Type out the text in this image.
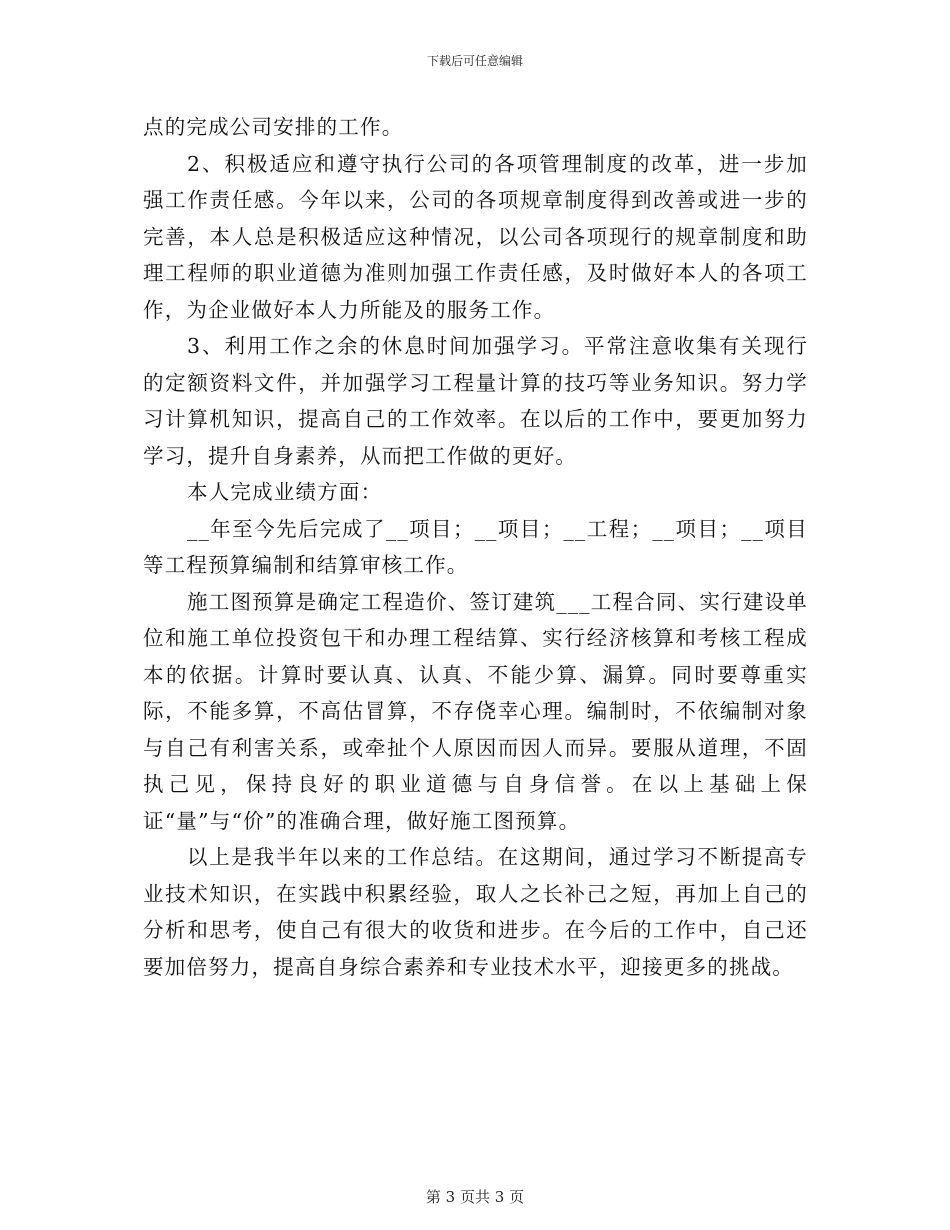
下载后可任意编辑

点的完成公司安排的工作。

2、积极适应和遵守执行公司的各项管理制度的改革，进一步加强工作责任感。今年以来，公司的各项规章制度得到改善或进一步的完善，本人总是积极适应这种情况，以公司各项现行的规章制度和助理工程师的职业道德为准则加强工作责任感，及时做好本人的各项工作，为企业做好本人力所能及的服务工作。

3、利用工作之余的休息时间加强学习。平常注意收集有关现行的定额资料文件，并加强学习工程量计算的技巧等业务知识。努力学习计算机知识，提高自己的工作效率。在以后的工作中，要更加努力学习，提升自身素养，从而把工作做的更好。

本人完成业绩方面：

__年至今先后完成了__项目；__项目；__工程；__项目；__项目等工程预算编制和结算审核工作。

施工图预算是确定工程造价、签订建筑___工程合同、实行建设单位和施工单位投资包干和办理工程结算、实行经济核算和考核工程成本的依据。计算时要认真、认真、不能少算、漏算。同时要尊重实际，不能多算，不高估冒算，不存侥幸心理。编制时，不依编制对象与自己有利害关系，或牵扯个人原因而因人而异。要服从道理，不固执己见，保持良好的职业道德与自身信誉。在以上基础上保证“量”与“价”的准确合理，做好施工图预算。

以上是我半年以来的工作总结。在这期间，通过学习不断提高专业技术知识，在实践中积累经验，取人之长补己之短，再加上自己的分析和思考，使自己有很大的收货和进步。在今后的工作中，自己还要加倍努力，提高自身综合素养和专业技术水平，迎接更多的挑战。

第 3 页共 3 页
